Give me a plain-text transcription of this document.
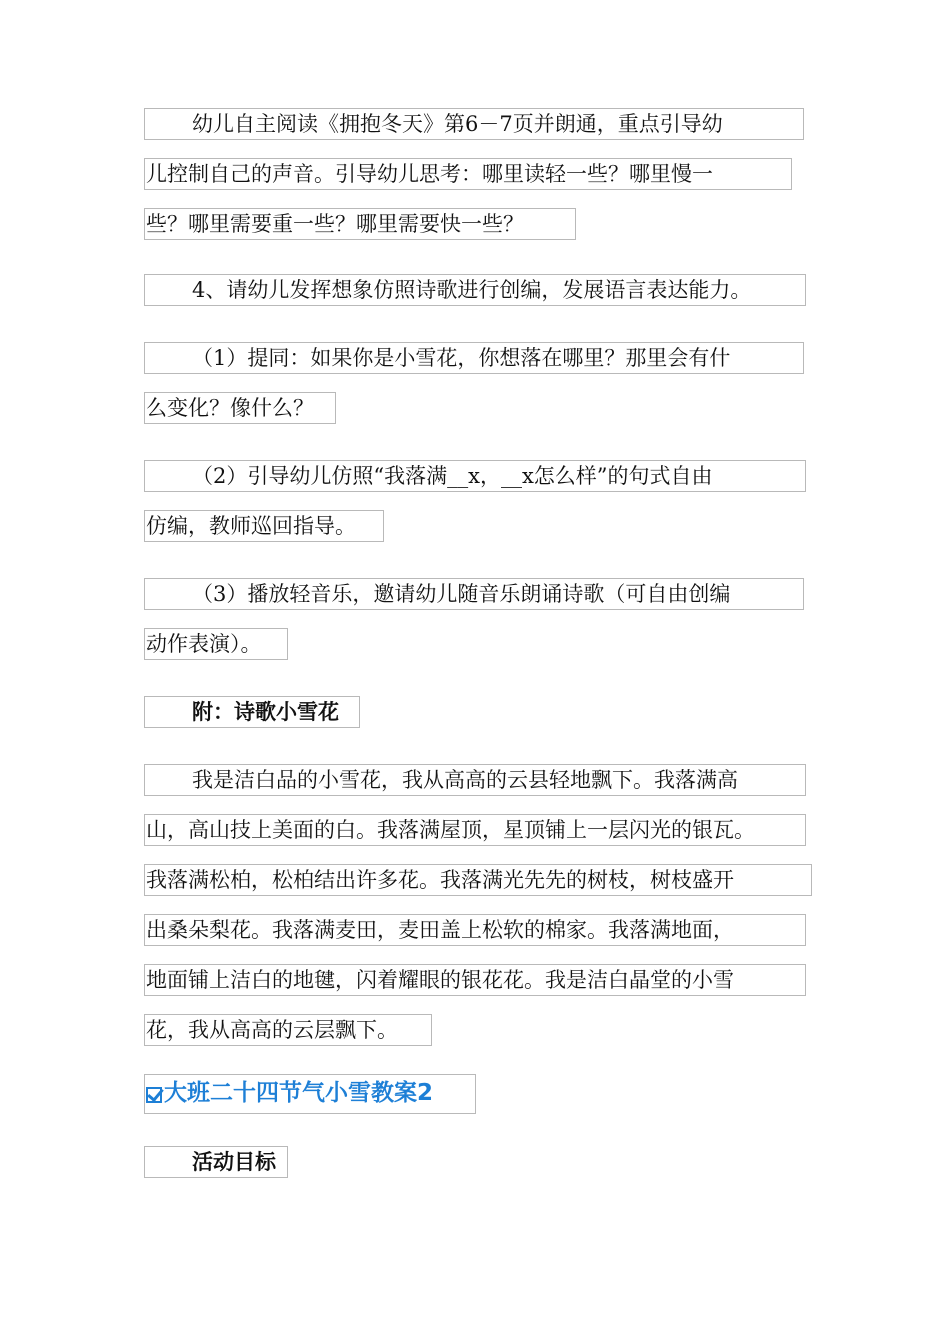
幼儿自主阅读《拥抱冬天》第6－7页并朗通，重点引导幼
儿控制自己的声音。引导幼儿思考：哪里读轻一些？哪里慢一
些？哪里需要重一些？哪里需要快一些？
4、请幼儿发挥想象仿照诗歌进行创编，发展语言表达能力。
（1）提同：如果你是小雪花，你想落在哪里？那里会有什
么变化？像什么？
（2）引导幼儿仿照“我落满__x，__x怎么样”的句式自由
仿编，教师巡回指导。
（3）播放轻音乐，邀请幼儿随音乐朗诵诗歌（可自由创编
动作表演）。
附：诗歌小雪花
我是洁白品的小雪花，我从高高的云县轻地飘下。我落满高
山，高山技上美面的白。我落满屋顶，星顶铺上一层闪光的银瓦。
我落满松柏，松柏结出许多花。我落满光先先的树枝，树枝盛开
出桑朵梨花。我落满麦田，麦田盖上松软的棉家。我落满地面，
地面铺上洁白的地毽，闪着耀眼的银花花。我是洁白晶堂的小雪
花，我从高高的云层飘下。
大班二十四节气小雪教案2
活动目标
